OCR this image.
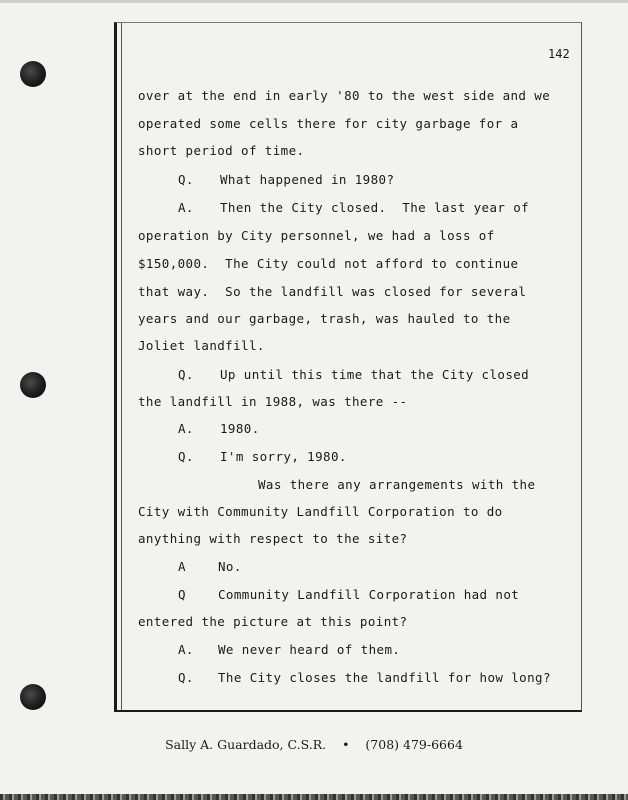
142
over at the end in early '80 to the west side and we
operated some cells there for city garbage for a
short period of time.
Q. What happened in 1980?
A. Then the City closed.  The last year of
operation by City personnel, we had a loss of
$150,000.  The City could not afford to continue
that way.  So the landfill was closed for several
years and our garbage, trash, was hauled to the
Joliet landfill.
Q. Up until this time that the City closed
the landfill in 1988, was there --
A. 1980.
Q. I'm sorry, 1980.
Was there any arrangements with the
City with Community Landfill Corporation to do
anything with respect to the site?
A	No.
Q	Community Landfill Corporation had not
entered the picture at this point?
A. We never heard of them.
Q. The City closes the landfill for how long?
Sally A. Guardado, C.S.R. • (708) 479-6664
